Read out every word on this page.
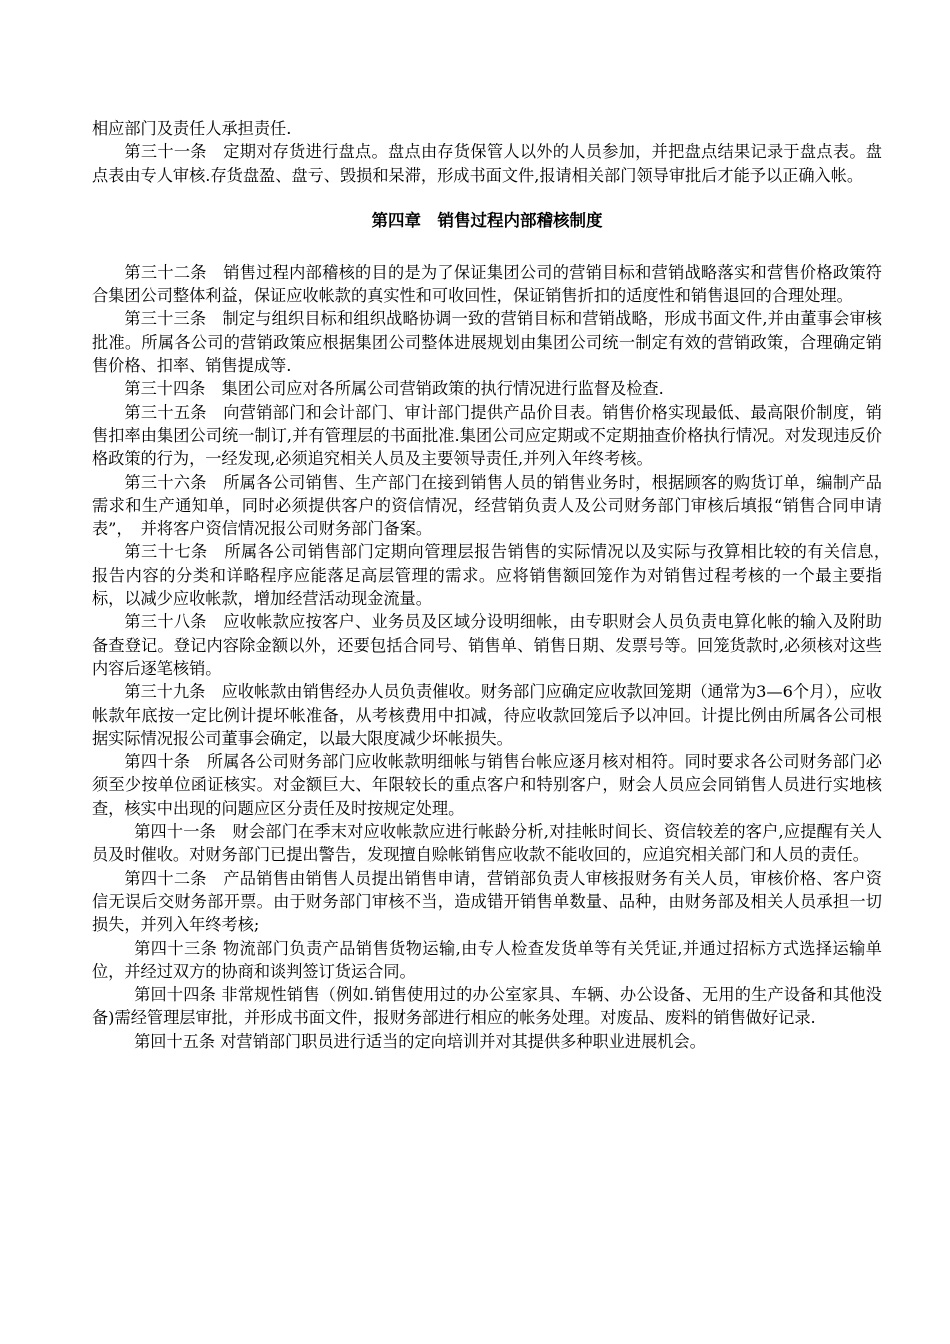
相应部门及责任人承担责任.

第三十一条　定期对存货进行盘点。盘点由存货保管人以外的人员参加，并把盘点结果记录于盘点表。盘点表由专人审核.存货盘盈、盘亏、毁损和呆滞，形成书面文件,报请相关部门领导审批后才能予以正确入帐。

第四章　销售过程内部稽核制度

第三十二条　销售过程内部稽核的目的是为了保证集团公司的营销目标和营销战略落实和营售价格政策符合集团公司整体利益，保证应收帐款的真实性和可收回性，保证销售折扣的适度性和销售退回的合理处理。

第三十三条　制定与组织目标和组织战略协调一致的营销目标和营销战略，形成书面文件,并由董事会审核批准。所属各公司的营销政策应根据集团公司整体进展规划由集团公司统一制定有效的营销政策，合理确定销售价格、扣率、销售提成等.

第三十四条　集团公司应对各所属公司营销政策的执行情况进行监督及检查.

第三十五条　向营销部门和会计部门、审计部门提供产品价目表。销售价格实现最低、最高限价制度，销售扣率由集团公司统一制订,并有管理层的书面批准.集团公司应定期或不定期抽查价格执行情况。对发现违反价格政策的行为，一经发现,必须追究相关人员及主要领导责任,并列入年终考核。

第三十六条　所属各公司销售、生产部门在接到销售人员的销售业务时，根据顾客的购货订单，编制产品需求和生产通知单，同时必须提供客户的资信情况，经营销负责人及公司财务部门审核后填报“销售合同申请表”，　并将客户资信情况报公司财务部门备案。

第三十七条　所属各公司销售部门定期向管理层报告销售的实际情况以及实际与孜算相比较的有关信息，　报告内容的分类和详略程序应能落足高层管理的需求。应将销售额回笼作为对销售过程考核的一个最主要指标，以减少应收帐款，增加经营活动现金流量。

第三十八条　应收帐款应按客户、业务员及区域分设明细帐，由专职财会人员负责电算化帐的输入及附助备查登记。登记内容除金额以外，还要包括合同号、销售单、销售日期、发票号等。回笼货款时,必须核对这些内容后逐笔核销。

第三十九条　应收帐款由销售经办人员负责催收。财务部门应确定应收款回笼期（通常为3—6个月），应收帐款年底按一定比例计提坏帐准备，从考核费用中扣减，待应收款回笼后予以冲回。计提比例由所属各公司根据实际情况报公司董事会确定，以最大限度减少坏帐损失。

第四十条　所属各公司财务部门应收帐款明细帐与销售台帐应逐月核对相符。同时要求各公司财务部门必须至少按单位函证核实。对金额巨大、年限较长的重点客户和特别客户，财会人员应会同销售人员进行实地核查，核实中出现的问题应区分责任及时按规定处理。

第四十一条　财会部门在季末对应收帐款应进行帐龄分析,对挂帐时间长、资信较差的客户,应提醒有关人员及时催收。对财务部门已提出警告，发现擅自赊帐销售应收款不能收回的，应追究相关部门和人员的责任。

第四十二条　产品销售由销售人员提出销售申请，营销部负责人审核报财务有关人员，审核价格、客户资信无误后交财务部开票。由于财务部门审核不当，造成错开销售单数量、品种，由财务部及相关人员承担一切损失，并列入年终考核;

第四十三条 物流部门负责产品销售货物运输,由专人检查发货单等有关凭证,并通过招标方式选择运输单位，并经过双方的协商和谈判签订货运合同。

第回十四条 非常规性销售（例如.销售使用过的办公室家具、车辆、办公设备、无用的生产设备和其他没备)需经管理层审批，并形成书面文件，报财务部进行相应的帐务处理。对废品、废料的销售做好记录.

第回十五条 对营销部门职员进行适当的定向培训并对其提供多种职业进展机会。
